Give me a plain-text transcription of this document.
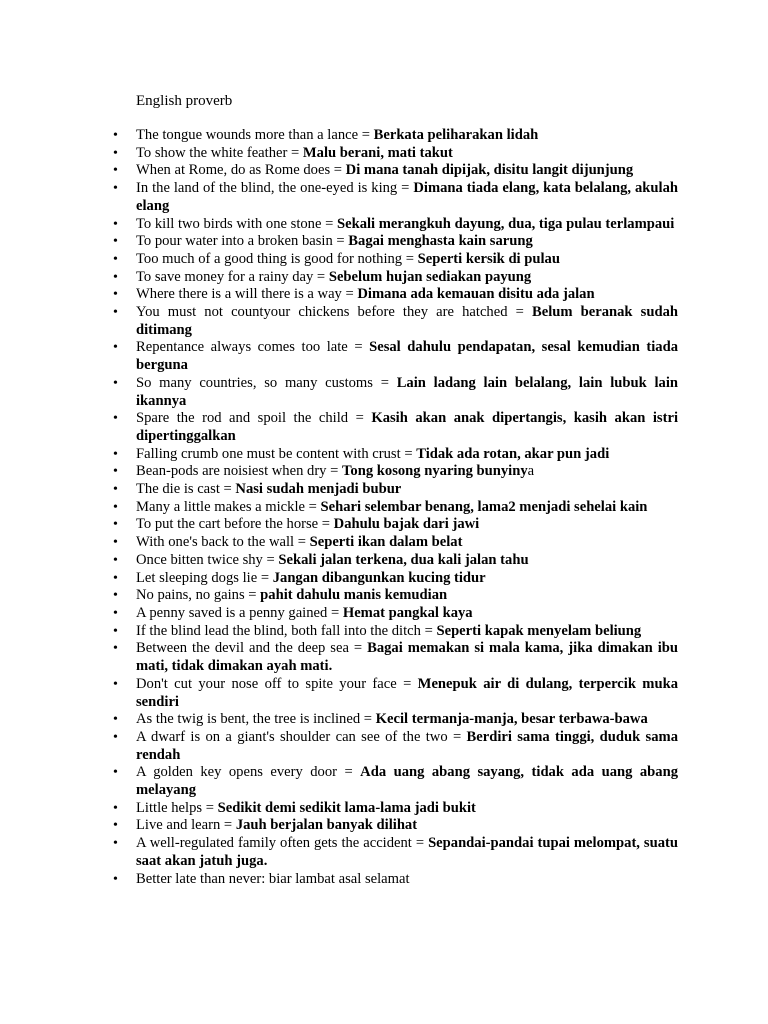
English proverb

• The tongue wounds more than a lance = Berkata peliharakan lidah
• To show the white feather = Malu berani, mati takut
• When at Rome, do as Rome does = Di mana tanah dipijak, disitu langit dijunjung
• In the land of the blind, the one-eyed is king = Dimana tiada elang, kata belalang, akulah elang
• To kill two birds with one stone = Sekali merangkuh dayung, dua, tiga pulau terlampaui
• To pour water into a broken basin = Bagai menghasta kain sarung
• Too much of a good thing is good for nothing = Seperti kersik di pulau
• To save money for a rainy day = Sebelum hujan sediakan payung
• Where there is a will there is a way = Dimana ada kemauan disitu ada jalan
• You must not countyour chickens before they are hatched = Belum beranak sudah ditimang
• Repentance always comes too late = Sesal dahulu pendapatan, sesal kemudian tiada berguna
• So many countries, so many customs = Lain ladang lain belalang, lain lubuk lain ikannya
• Spare the rod and spoil the child = Kasih akan anak dipertangis, kasih akan istri dipertinggalkan
• Falling crumb one must be content with crust = Tidak ada rotan, akar pun jadi
• Bean-pods are noisiest when dry = Tong kosong nyaring bunyinya
• The die is cast = Nasi sudah menjadi bubur
• Many a little makes a mickle = Sehari selembar benang, lama2 menjadi sehelai kain
• To put the cart before the horse = Dahulu bajak dari jawi
• With one's back to the wall = Seperti ikan dalam belat
• Once bitten twice shy = Sekali jalan terkena, dua kali jalan tahu
• Let sleeping dogs lie = Jangan dibangunkan kucing tidur
• No pains, no gains = pahit dahulu manis kemudian
• A penny saved is a penny gained = Hemat pangkal kaya
• If the blind lead the blind, both fall into the ditch = Seperti kapak menyelam beliung
• Between the devil and the deep sea = Bagai memakan si mala kama, jika dimakan ibu mati, tidak dimakan ayah mati.
• Don't cut your nose off to spite your face = Menepuk air di dulang, terpercik muka sendiri
• As the twig is bent, the tree is inclined = Kecil termanja-manja, besar terbawa-bawa
• A dwarf is on a giant's shoulder can see of the two = Berdiri sama tinggi, duduk sama rendah
• A golden key opens every door = Ada uang abang sayang, tidak ada uang abang melayang
• Little helps = Sedikit demi sedikit lama-lama jadi bukit
• Live and learn = Jauh berjalan banyak dilihat
• A well-regulated family often gets the accident = Sepandai-pandai tupai melompat, suatu saat akan jatuh juga.
• Better late than never: biar lambat asal selamat
